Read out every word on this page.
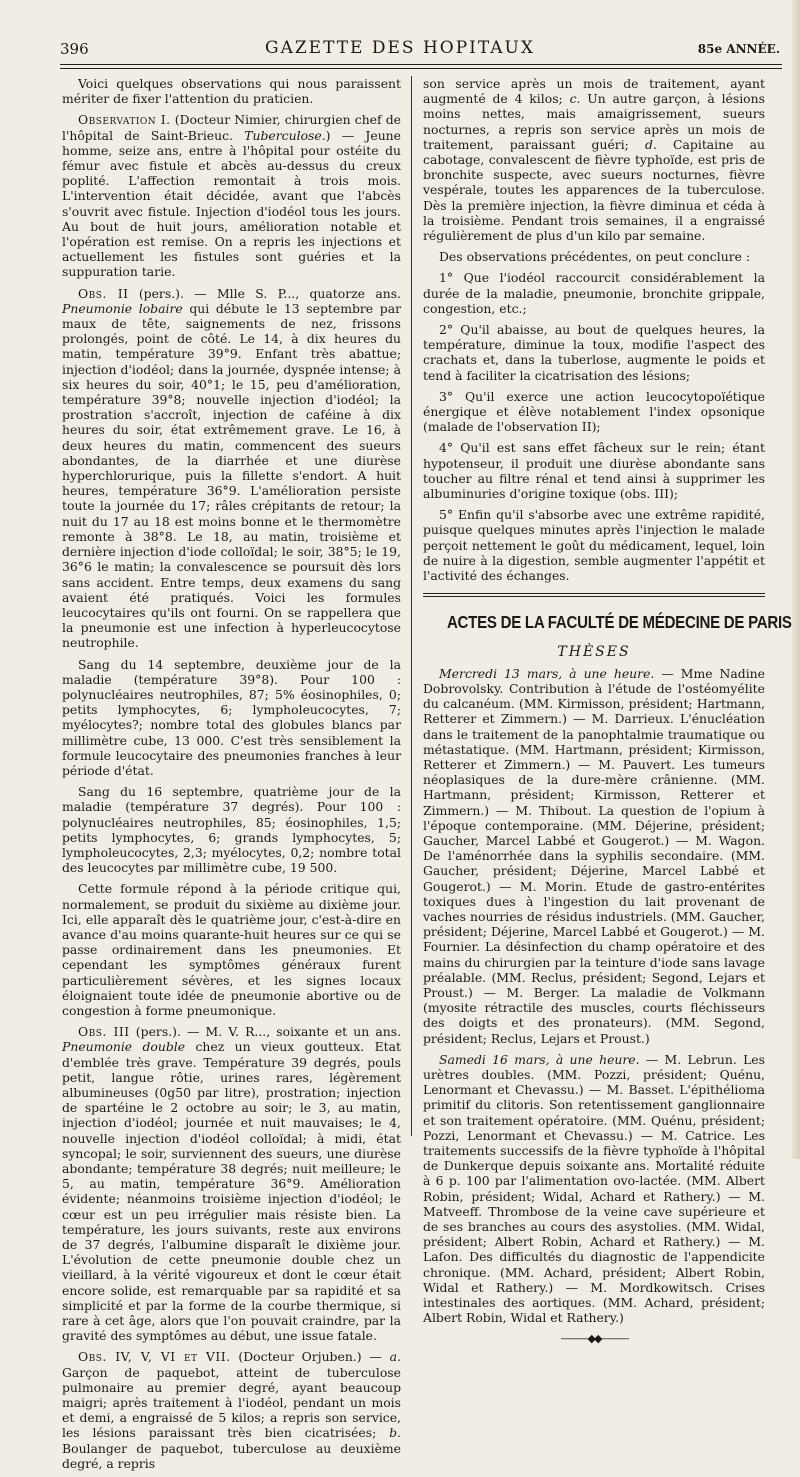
396	GAZETTE DES HOPITAUX	85e ANNÉE.

Voici quelques observations qui nous paraissent mériter de fixer l'attention du praticien.

Observation I. (Docteur Nimier, chirurgien chef de l'hôpital de Saint-Brieuc. Tuberculose.) — Jeune homme, seize ans, entre à l'hôpital pour ostéite du fémur avec fistule et abcès au-dessus du creux poplité. L'affection remontait à trois mois. L'intervention était décidée, avant que l'abcès s'ouvrit avec fistule. Injection d'iodéol tous les jours. Au bout de huit jours, amélioration notable et l'opération est remise. On a repris les injections et actuellement les fistules sont guéries et la suppuration tarie.

Obs. II (pers.). — Mlle S. P..., quatorze ans. Pneumonie lobaire qui débute le 13 septembre par maux de tête, saignements de nez, frissons prolongés, point de côté. Le 14, à dix heures du matin, température 39°9. Enfant très abattue; injection d'iodéol; dans la journée, dyspnée intense; à six heures du soir, 40°1; le 15, peu d'amélioration, température 39°8; nouvelle injection d'iodéol; la prostration s'accroît, injection de caféine à dix heures du soir, état extrêmement grave. Le 16, à deux heures du matin, commencent des sueurs abondantes, de la diarrhée et une diurèse hyperchlorurique, puis la fillette s'endort. A huit heures, température 36°9. L'amélioration persiste toute la journée du 17; râles crépitants de retour; la nuit du 17 au 18 est moins bonne et le thermomètre remonte à 38°8. Le 18, au matin, troisième et dernière injection d'iode colloïdal; le soir, 38°5; le 19, 36°6 le matin; la convalescence se poursuit dès lors sans accident. Entre temps, deux examens du sang avaient été pratiqués. Voici les formules leucocytaires qu'ils ont fourni. On se rappellera que la pneumonie est une infection à hyperleucocytose neutrophile.

Sang du 14 septembre, deuxième jour de la maladie (température 39°8). Pour 100 : polynucléaires neutrophiles, 87; 5% éosinophiles, 0; petits lymphocytes, 6; lympholeucocytes, 7; myélocytes?; nombre total des globules blancs par millimètre cube, 13 000. C'est très sensiblement la formule leucocytaire des pneumonies franches à leur période d'état.

Sang du 16 septembre, quatrième jour de la maladie (température 37 degrés). Pour 100 : polynucléaires neutrophiles, 85; éosinophiles, 1,5; petits lymphocytes, 6; grands lymphocytes, 5; lympholeucocytes, 2,3; myélocytes, 0,2; nombre total des leucocytes par millimètre cube, 19 500.

Cette formule répond à la période critique qui, normalement, se produit du sixième au dixième jour. Ici, elle apparaît dès le quatrième jour, c'est-à-dire en avance d'au moins quarante-huit heures sur ce qui se passe ordinairement dans les pneumonies. Et cependant les symptômes généraux furent particulièrement sévères, et les signes locaux éloignaient toute idée de pneumonie abortive ou de congestion à forme pneumonique.

Obs. III (pers.). — M. V. R..., soixante et un ans. Pneumonie double chez un vieux goutteux. Etat d'emblée très grave. Température 39 degrés, pouls petit, langue rôtie, urines rares, légèrement albumineuses (0g50 par litre), prostration; injection de spartéine le 2 octobre au soir; le 3, au matin, injection d'iodéol; journée et nuit mauvaises; le 4, nouvelle injection d'iodéol colloïdal; à midi, état syncopal; le soir, surviennent des sueurs, une diurèse abondante; température 38 degrés; nuit meilleure; le 5, au matin, température 36°9. Amélioration évidente; néanmoins troisième injection d'iodéol; le cœur est un peu irrégulier mais résiste bien. La température, les jours suivants, reste aux environs de 37 degrés, l'albumine disparaît le dixième jour. L'évolution de cette pneumonie double chez un vieillard, à la vérité vigoureux et dont le cœur était encore solide, est remarquable par sa rapidité et sa simplicité et par la forme de la courbe thermique, si rare à cet âge, alors que l'on pouvait craindre, par la gravité des symptômes au début, une issue fatale.

Obs. IV, V, VI et VII. (Docteur Orjuben.) — a. Garçon de paquebot, atteint de tuberculose pulmonaire au premier degré, ayant beaucoup maigri; après traitement à l'iodéol, pendant un mois et demi, a engraissé de 5 kilos; a repris son service, les lésions paraissant très bien cicatrisées; b. Boulanger de paquebot, tuberculose au deuxième degré, a repris

son service après un mois de traitement, ayant augmenté de 4 kilos; c. Un autre garçon, à lésions moins nettes, mais amaigrissement, sueurs nocturnes, a repris son service après un mois de traitement, paraissant guéri; d. Capitaine au cabotage, convalescent de fièvre typhoïde, est pris de bronchite suspecte, avec sueurs nocturnes, fièvre vespérale, toutes les apparences de la tuberculose. Dès la première injection, la fièvre diminua et céda à la troisième. Pendant trois semaines, il a engraissé régulièrement de plus d'un kilo par semaine.

Des observations précédentes, on peut conclure :

1° Que l'iodéol raccourcit considérablement la durée de la maladie, pneumonie, bronchite grippale, congestion, etc.;

2° Qu'il abaisse, au bout de quelques heures, la température, diminue la toux, modifie l'aspect des crachats et, dans la tuberlose, augmente le poids et tend à faciliter la cicatrisation des lésions;

3° Qu'il exerce une action leucocytopoïétique énergique et élève notablement l'index opsonique (malade de l'observation II);

4° Qu'il est sans effet fâcheux sur le rein; étant hypotenseur, il produit une diurèse abondante sans toucher au filtre rénal et tend ainsi à supprimer les albuminuries d'origine toxique (obs. III);

5° Enfin qu'il s'absorbe avec une extrême rapidité, puisque quelques minutes après l'injection le malade perçoit nettement le goût du médicament, lequel, loin de nuire à la digestion, semble augmenter l'appétit et l'activité des échanges.

ACTES DE LA FACULTÉ DE MÉDECINE DE PARIS
THÈSES

Mercredi 13 mars, à une heure. — Mme Nadine Dobrovolsky. Contribution à l'étude de l'ostéomyélite du calcanéum. (MM. Kirmisson, président; Hartmann, Retterer et Zimmern.) — M. Darrieux. L'énucléation dans le traitement de la panophtalmie traumatique ou métastatique. (MM. Hartmann, président; Kirmisson, Retterer et Zimmern.) — M. Pauvert. Les tumeurs néoplasiques de la dure-mère crânienne. (MM. Hartmann, président; Kirmisson, Retterer et Zimmern.) — M. Thibout. La question de l'opium à l'époque contemporaine. (MM. Déjerine, président; Gaucher, Marcel Labbé et Gougerot.) — M. Wagon. De l'aménorrhée dans la syphilis secondaire. (MM. Gaucher, président; Déjerine, Marcel Labbé et Gougerot.) — M. Morin. Etude de gastro-entérites toxiques dues à l'ingestion du lait provenant de vaches nourries de résidus industriels. (MM. Gaucher, président; Déjerine, Marcel Labbé et Gougerot.) — M. Fournier. La désinfection du champ opératoire et des mains du chirurgien par la teinture d'iode sans lavage préalable. (MM. Reclus, président; Segond, Lejars et Proust.) — M. Berger. La maladie de Volkmann (myosite rétractile des muscles, courts fléchisseurs des doigts et des pronateurs). (MM. Segond, président; Reclus, Lejars et Proust.)

Samedi 16 mars, à une heure. — M. Lebrun. Les urètres doubles. (MM. Pozzi, président; Quénu, Lenormant et Chevassu.) — M. Basset. L'épithélioma primitif du clitoris. Son retentissement ganglionnaire et son traitement opératoire. (MM. Quénu, président; Pozzi, Lenormant et Chevassu.) — M. Catrice. Les traitements successifs de la fièvre typhoïde à l'hôpital de Dunkerque depuis soixante ans. Mortalité réduite à 6 p. 100 par l'alimentation ovo-lactée. (MM. Albert Robin, président; Widal, Achard et Rathery.) — M. Matveeff. Thrombose de la veine cave supérieure et de ses branches au cours des asystolies. (MM. Widal, président; Albert Robin, Achard et Rathery.) — M. Lafon. Des difficultés du diagnostic de l'appendicite chronique. (MM. Achard, président; Albert Robin, Widal et Rathery.) — M. Mordkowitsch. Crises intestinales des aortiques. (MM. Achard, président; Albert Robin, Widal et Rathery.)

———◆◆———
